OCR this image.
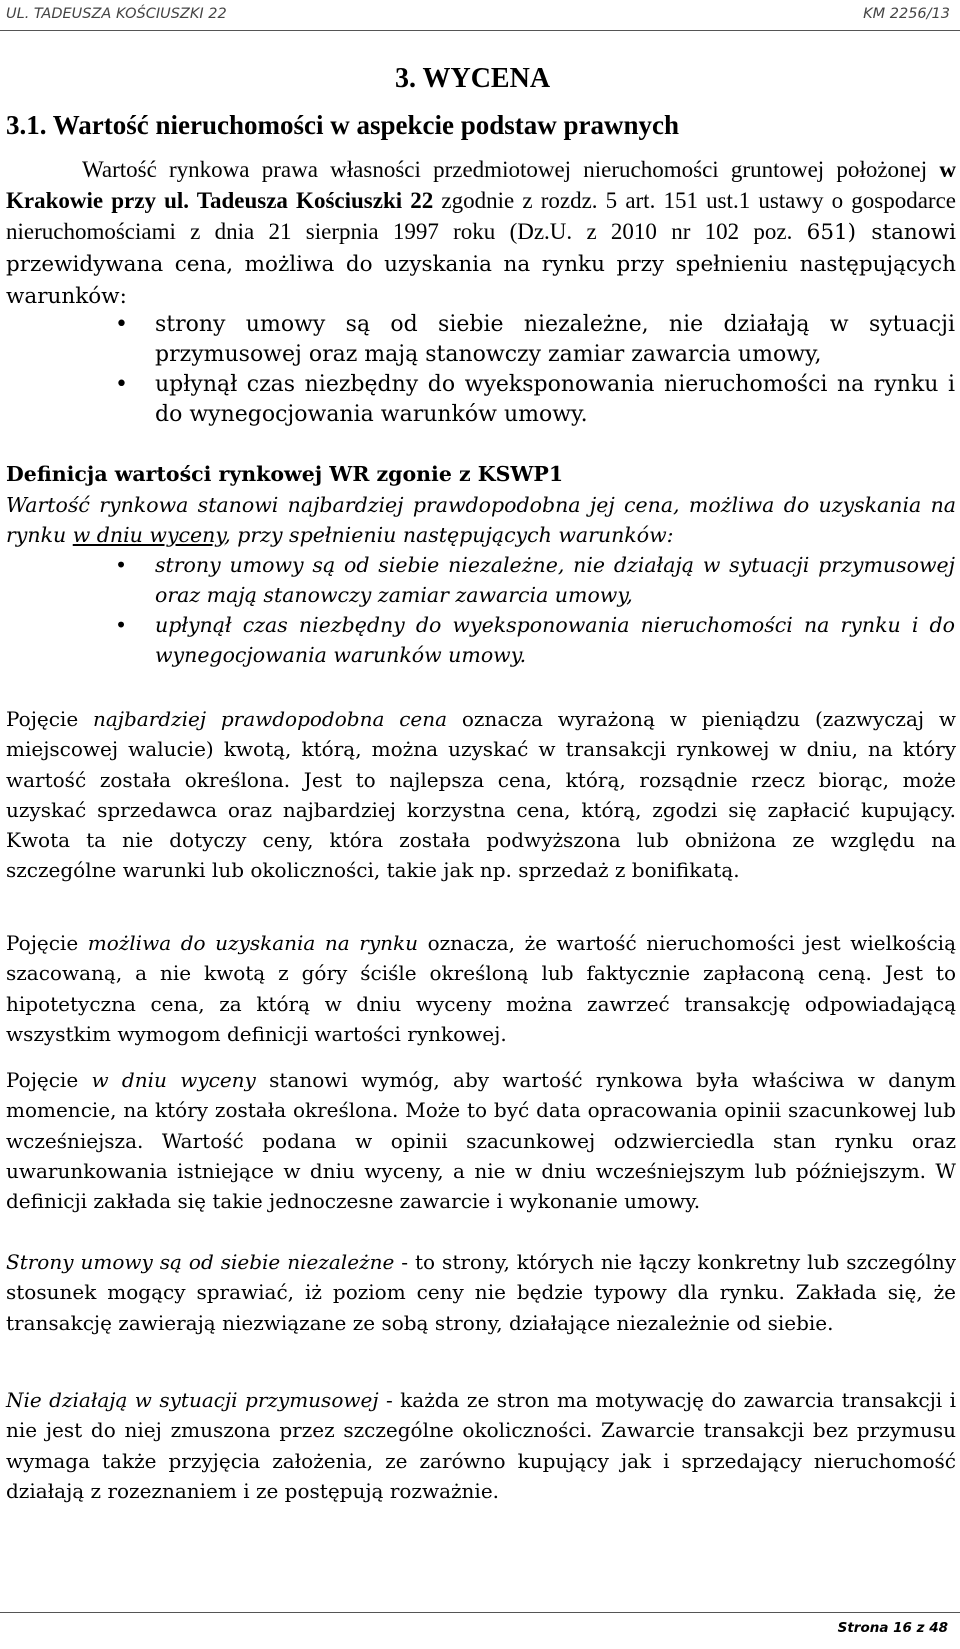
UL. TADEUSZA KOŚCIUSZKI 22	KM 2256/13
3. WYCENA
3.1. Wartość nieruchomości w aspekcie podstaw prawnych

Wartość rynkowa prawa własności przedmiotowej nieruchomości gruntowej położonej w Krakowie przy ul. Tadeusza Kościuszki 22 zgodnie z rozdz. 5 art. 151 ust.1 ustawy o gospodarce nieruchomościami z dnia 21 sierpnia 1997 roku (Dz.U. z 2010 nr 102 poz. 651) stanowi przewidywana cena, możliwa do uzyskania na rynku przy spełnieniu następujących warunków:

• strony umowy są od siebie niezależne, nie działają w sytuacji przymusowej oraz mają stanowczy zamiar zawarcia umowy,
• upłynął czas niezbędny do wyeksponowania nieruchomości na rynku i do wynegocjowania warunków umowy.
Definicja wartości rynkowej WR zgonie z KSWP1

Wartość rynkowa stanowi najbardziej prawdopodobna jej cena, możliwa do uzyskania na rynku w dniu wyceny, przy spełnieniu następujących warunków:

• strony umowy są od siebie niezależne, nie działają w sytuacji przymusowej oraz mają stanowczy zamiar zawarcia umowy,
• upłynął czas niezbędny do wyeksponowania nieruchomości na rynku i do wynegocjowania warunków umowy.

Pojęcie najbardziej prawdopodobna cena oznacza wyrażoną w pieniądzu (zazwyczaj w miejscowej walucie) kwotą, którą, można uzyskać w transakcji rynkowej w dniu, na który wartość została określona. Jest to najlepsza cena, którą, rozsądnie rzecz biorąc, może uzyskać sprzedawca oraz najbardziej korzystna cena, którą, zgodzi się zapłacić kupujący. Kwota ta nie dotyczy ceny, która została podwyższona lub obniżona ze względu na szczególne warunki lub okoliczności, takie jak np. sprzedaż z bonifikatą.

Pojęcie możliwa do uzyskania na rynku oznacza, że wartość nieruchomości jest wielkością szacowaną, a nie kwotą z góry ściśle określoną lub faktycznie zapłaconą ceną. Jest to hipotetyczna cena, za którą w dniu wyceny można zawrzeć transakcję odpowiadającą wszystkim wymogom definicji wartości rynkowej.

Pojęcie w dniu wyceny stanowi wymóg, aby wartość rynkowa była właściwa w danym momencie, na który została określona. Może to być data opracowania opinii szacunkowej lub wcześniejsza. Wartość podana w opinii szacunkowej odzwierciedla stan rynku oraz uwarunkowania istniejące w dniu wyceny, a nie w dniu wcześniejszym lub późniejszym. W definicji zakłada się takie jednoczesne zawarcie i wykonanie umowy.

Strony umowy są od siebie niezależne - to strony, których nie łączy konkretny lub szczególny stosunek mogący sprawiać, iż poziom ceny nie będzie typowy dla rynku. Zakłada się, że transakcję zawierają niezwiązane ze sobą strony, działające niezależnie od siebie.

Nie działają w sytuacji przymusowej - każda ze stron ma motywację do zawarcia transakcji i nie jest do niej zmuszona przez szczególne okoliczności. Zawarcie transakcji bez przymusu wymaga także przyjęcia założenia, ze zarówno kupujący jak i sprzedający nieruchomość działają z rozeznaniem i ze postępują rozważnie.

Strona 16 z 48
